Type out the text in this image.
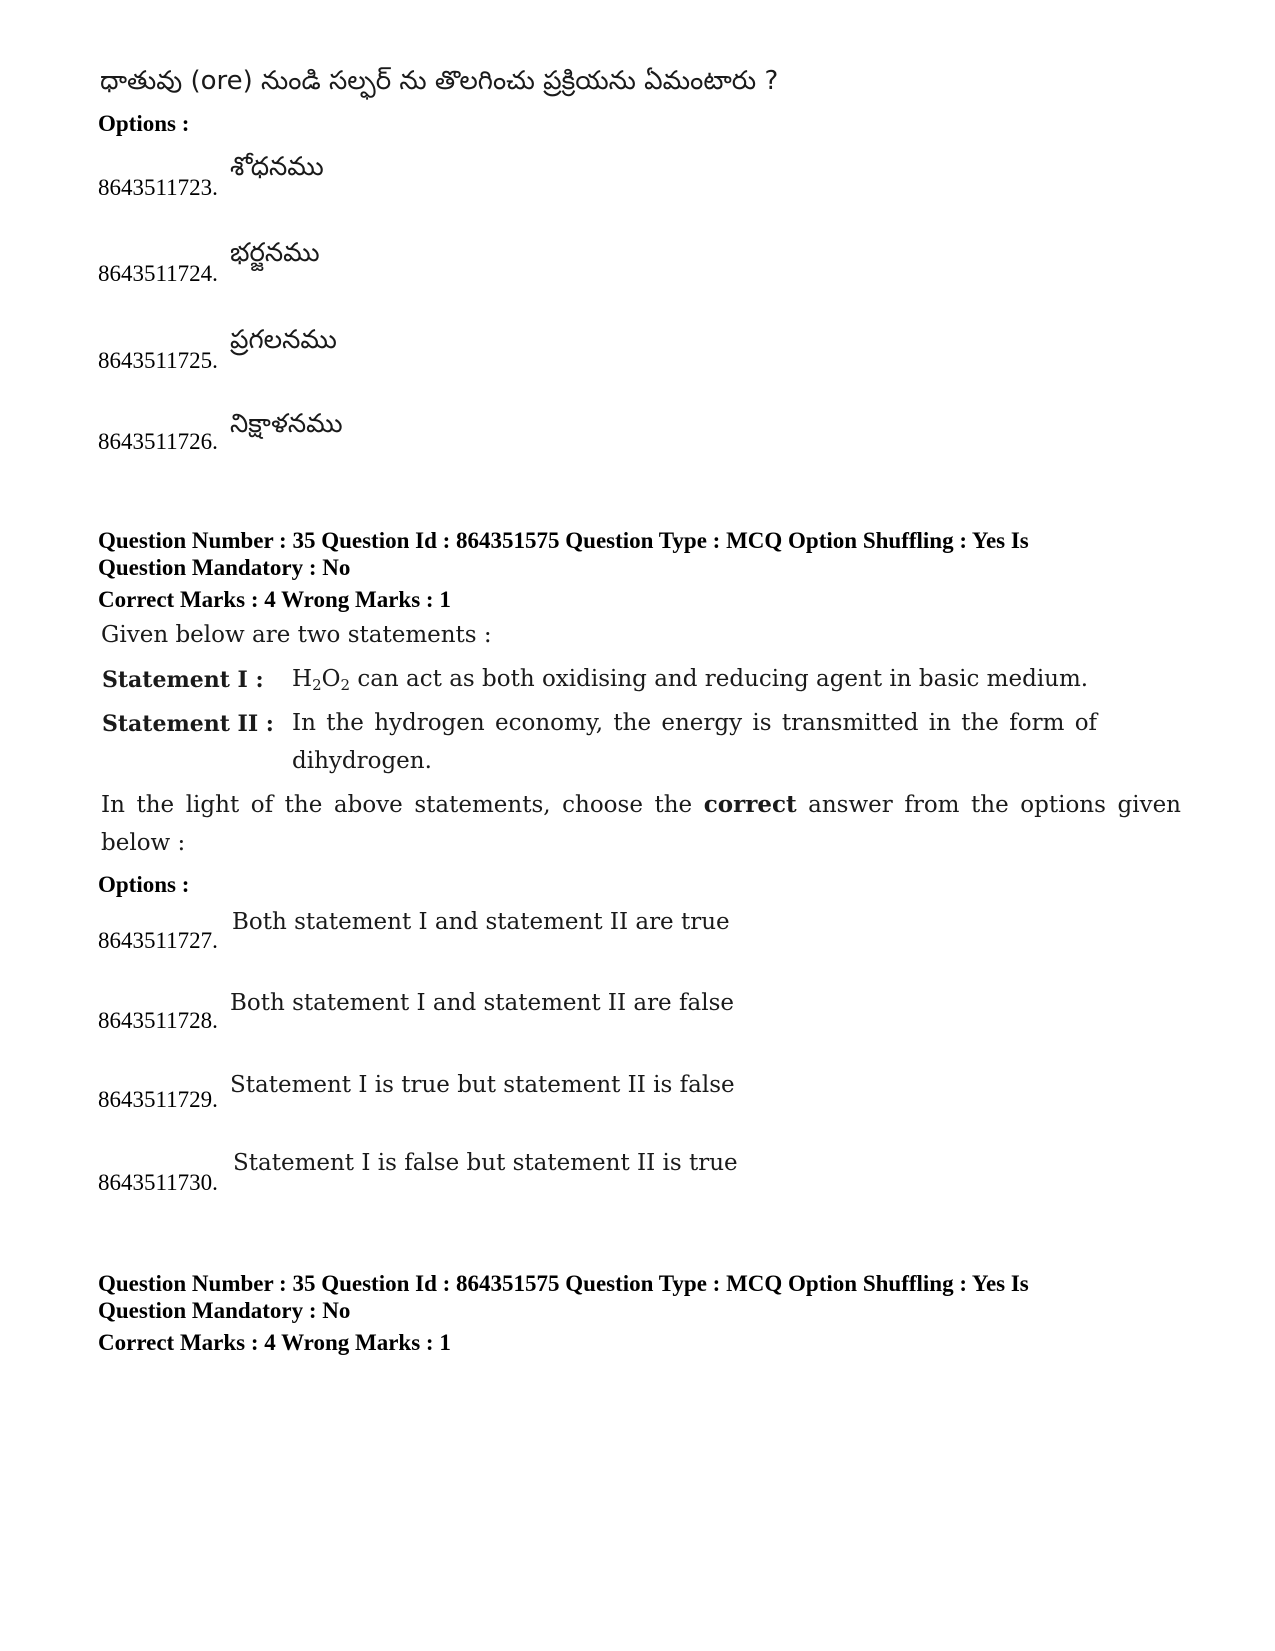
ధాతువు (ore) నుండి సల్ఫర్ ను తొలగించు ప్రక్రియను ఏమంటారు ?
Options :
8643511723.
శోధనము
8643511724.
భర్జనము
8643511725.
ప్రగలనము
8643511726.
నిక్షాళనము
Question Number : 35 Question Id : 864351575 Question Type : MCQ Option Shuffling : Yes Is
Question Mandatory : No
Correct Marks : 4 Wrong Marks : 1
Given below are two statements :
Statement I : $H_2O_2$ can act as both oxidising and reducing agent in basic medium.
Statement II : In the hydrogen economy, the energy is transmitted in the form of
dihydrogen.
In the light of the above statements, choose the correct answer from the options given below :
Options :
8643511727.
Both statement I and statement II are true
8643511728.
Both statement I and statement II are false
8643511729.
Statement I is true but statement II is false
8643511730.
Statement I is false but statement II is true
Question Number : 35 Question Id : 864351575 Question Type : MCQ Option Shuffling : Yes Is
Question Mandatory : No
Correct Marks : 4 Wrong Marks : 1
